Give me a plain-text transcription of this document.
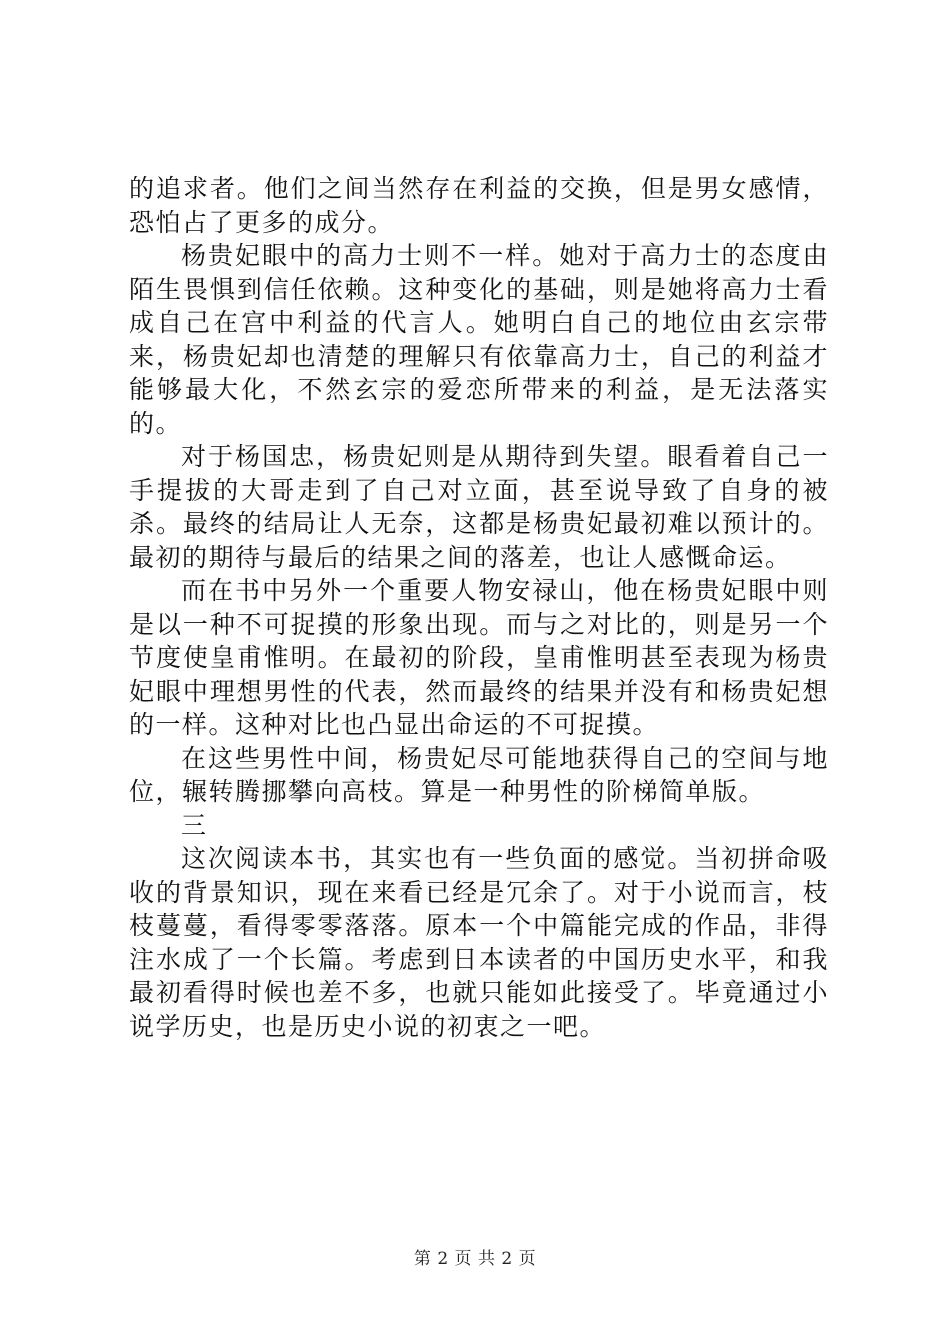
的追求者。他们之间当然存在利益的交换，但是男女感情，恐怕占了更多的成分。

杨贵妃眼中的高力士则不一样。她对于高力士的态度由陌生畏惧到信任依赖。这种变化的基础，则是她将高力士看成自己在宫中利益的代言人。她明白自己的地位由玄宗带来，杨贵妃却也清楚的理解只有依靠高力士，自己的利益才能够最大化，不然玄宗的爱恋所带来的利益，是无法落实的。

对于杨国忠，杨贵妃则是从期待到失望。眼看着自己一手提拔的大哥走到了自己对立面，甚至说导致了自身的被杀。最终的结局让人无奈，这都是杨贵妃最初难以预计的。最初的期待与最后的结果之间的落差，也让人感慨命运。

而在书中另外一个重要人物安禄山，他在杨贵妃眼中则是以一种不可捉摸的形象出现。而与之对比的，则是另一个节度使皇甫惟明。在最初的阶段，皇甫惟明甚至表现为杨贵妃眼中理想男性的代表，然而最终的结果并没有和杨贵妃想的一样。这种对比也凸显出命运的不可捉摸。

在这些男性中间，杨贵妃尽可能地获得自己的空间与地位，辗转腾挪攀向高枝。算是一种男性的阶梯简单版。

三

这次阅读本书，其实也有一些负面的感觉。当初拼命吸收的背景知识，现在来看已经是冗余了。对于小说而言，枝枝蔓蔓，看得零零落落。原本一个中篇能完成的作品，非得注水成了一个长篇。考虑到日本读者的中国历史水平，和我最初看得时候也差不多，也就只能如此接受了。毕竟通过小说学历史，也是历史小说的初衷之一吧。

第 2 页 共 2 页
